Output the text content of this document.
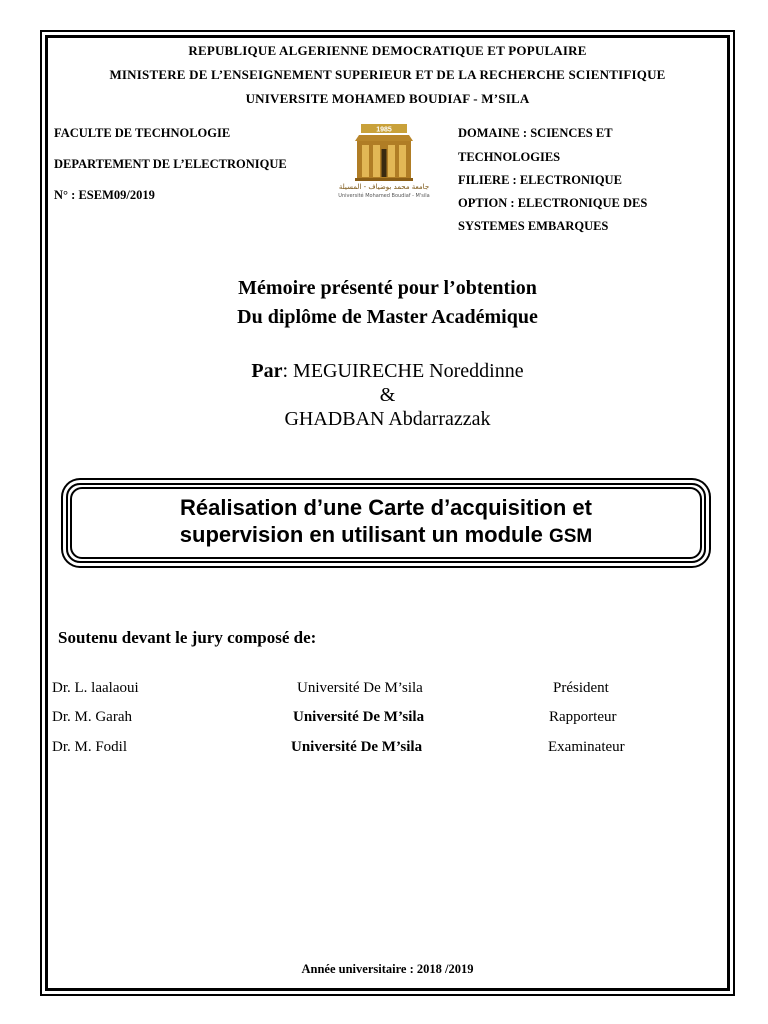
REPUBLIQUE ALGERIENNE DEMOCRATIQUE ET POPULAIRE
MINISTERE DE L’ENSEIGNEMENT SUPERIEUR ET DE LA RECHERCHE SCIENTIFIQUE
UNIVERSITE MOHAMED BOUDIAF - M’SILA
FACULTE DE TECHNOLOGIE
DEPARTEMENT DE L’ELECTRONIQUE
N° : ESEM09/2019
1985
جامعة محمد بوضياف - المسيلة
Université Mohamed Boudiaf - M'sila
DOMAINE : SCIENCES ET
TECHNOLOGIES
FILIERE : ELECTRONIQUE
OPTION : ELECTRONIQUE DES
SYSTEMES EMBARQUES
Mémoire présenté pour l’obtention
Du diplôme de Master Académique
Par: MEGUIRECHE Noreddinne
&
GHADBAN Abdarrazzak
Réalisation d’une Carte d’acquisition et
supervision en utilisant un module GSM
Soutenu devant le jury composé de:
Dr. L. laalaoui	Université De M’sila	Président
Dr. M. Garah	Université De M’sila	Rapporteur
Dr. M. Fodil	Université De M’sila	Examinateur
Année universitaire : 2018 /2019
